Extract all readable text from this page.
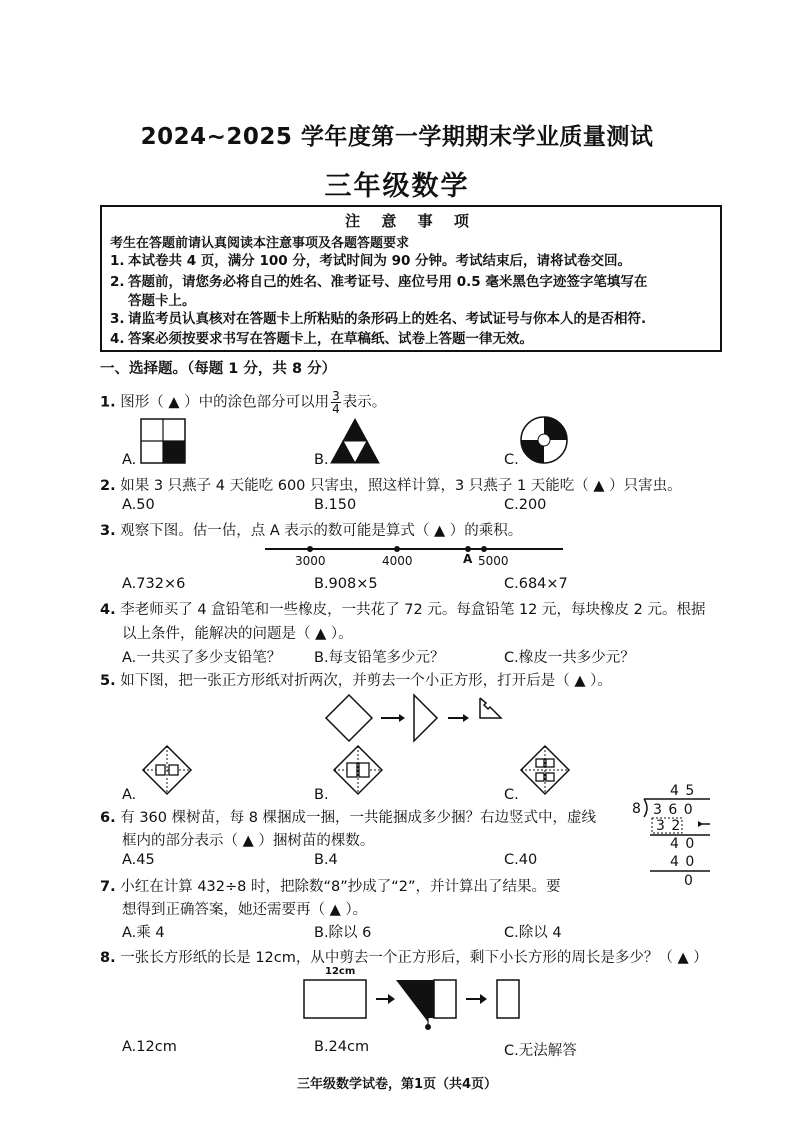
2024~2025 学年度第一学期期末学业质量测试
三年级数学
注 意 事 项
考生在答题前请认真阅读本注意事项及各题答题要求
1. 本试卷共 4 页，满分 100 分，考试时间为 90 分钟。考试结束后，请将试卷交回。
2. 答题前，请您务必将自己的姓名、准考证号、座位号用 0.5 毫米黑色字迹签字笔填写在
答题卡上。
3. 请监考员认真核对在答题卡上所粘贴的条形码上的姓名、考试证号与你本人的是否相符.
4. 答案必须按要求书写在答题卡上，在草稿纸、试卷上答题一律无效。
一、选择题。（每题 1 分，共 8 分）
1. 图形（ ▲ ）中的涂色部分可以用 $\frac{3}{4}$ 表示。
A.	B.	C.
2. 如果 3 只燕子 4 天能吃 600 只害虫，照这样计算，3 只燕子 1 天能吃（ ▲ ）只害虫。
A.50	B.150	C.200
3. 观察下图。估一估，点 A 表示的数可能是算式（ ▲ ）的乘积。
3000	4000	A 5000
A.732×6	B.908×5	C.684×7
4. 李老师买了 4 盒铅笔和一些橡皮，一共花了 72 元。每盒铅笔 12 元，每块橡皮 2 元。根据
以上条件，能解决的问题是（ ▲ ）。
A.一共买了多少支铅笔？ B.每支铅笔多少元？	C.橡皮一共多少元？
5. 如下图，把一张正方形纸对折两次，并剪去一个小正方形，打开后是（ ▲ ）。
A.	B.	C.
6. 有 360 棵树苗，每 8 棵捆成一捆，一共能捆成多少捆？右边竖式中，虚线
框内的部分表示（ ▲ ）捆树苗的棵数。
A.45	B.4	C.40
4 5
8 3 6 0
3 2
4 0
4 0
0
7. 小红在计算 432÷8 时，把除数“8”抄成了“2”，并计算出了结果。要
想得到正确答案，她还需要再（ ▲ ）。
A.乘 4	B.除以 6	C.除以 4
8. 一张长方形纸的长是 12cm，从中剪去一个正方形后，剩下小长方形的周长是多少？（ ▲ ）
12cm
A.12cm	B.24cm	C.无法解答
三年级数学试卷，第1页（共4页）
